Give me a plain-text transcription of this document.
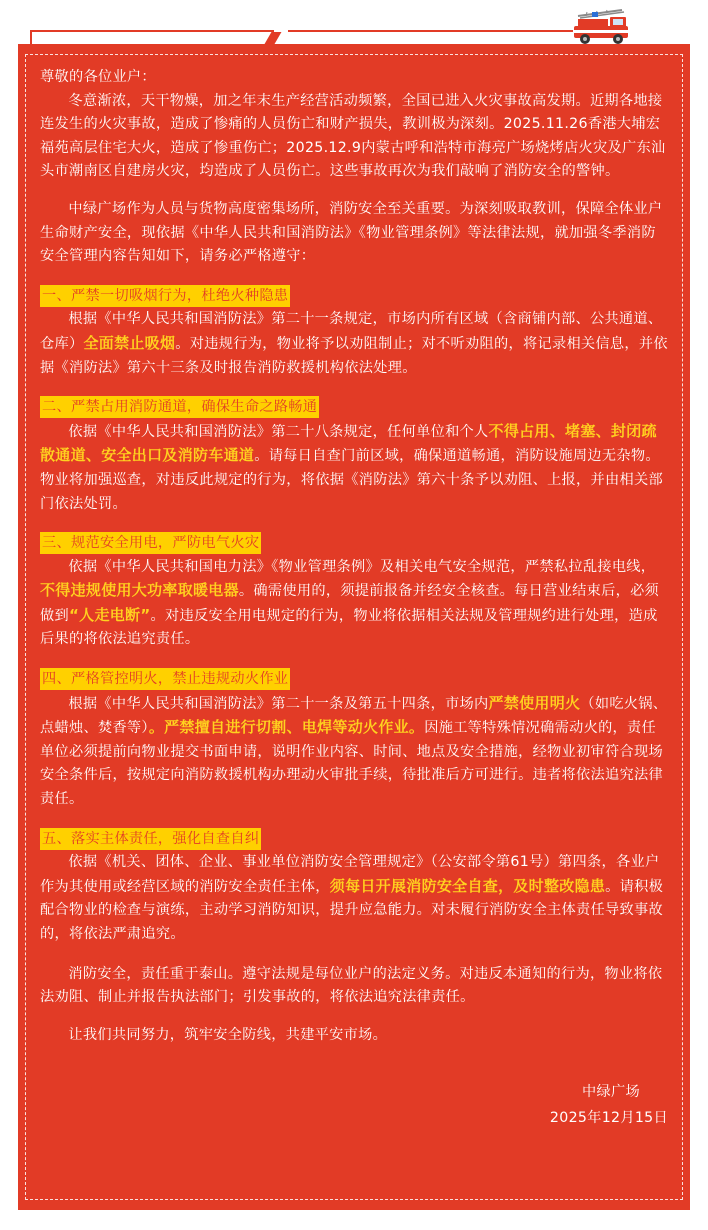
尊敬的各位业户：

冬意渐浓，天干物燥，加之年末生产经营活动频繁，全国已进入火灾事故高发期。近期各地接连发生的火灾事故，造成了惨痛的人员伤亡和财产损失，教训极为深刻。2025.11.26香港大埔宏福苑高层住宅大火，造成了惨重伤亡；2025.12.9内蒙古呼和浩特市海亮广场烧烤店火灾及广东汕头市潮南区自建房火灾，均造成了人员伤亡。这些事故再次为我们敲响了消防安全的警钟。

中绿广场作为人员与货物高度密集场所，消防安全至关重要。为深刻吸取教训，保障全体业户生命财产安全，现依据《中华人民共和国消防法》《物业管理条例》等法律法规，就加强冬季消防安全管理内容告知如下，请务必严格遵守：

一、严禁一切吸烟行为，杜绝火种隐患

根据《中华人民共和国消防法》第二十一条规定，市场内所有区域（含商铺内部、公共通道、仓库）全面禁止吸烟。对违规行为，物业将予以劝阻制止；对不听劝阻的，将记录相关信息，并依据《消防法》第六十三条及时报告消防救援机构依法处理。

二、严禁占用消防通道，确保生命之路畅通

依据《中华人民共和国消防法》第二十八条规定，任何单位和个人不得占用、堵塞、封闭疏散通道、安全出口及消防车通道。请每日自查门前区域，确保通道畅通，消防设施周边无杂物。物业将加强巡查，对违反此规定的行为，将依据《消防法》第六十条予以劝阻、上报，并由相关部门依法处罚。

三、规范安全用电，严防电气火灾

依据《中华人民共和国电力法》《物业管理条例》及相关电气安全规范，严禁私拉乱接电线，不得违规使用大功率取暖电器。确需使用的，须提前报备并经安全核查。每日营业结束后，必须做到“人走电断”。对违反安全用电规定的行为，物业将依据相关法规及管理规约进行处理，造成后果的将依法追究责任。

四、严格管控明火，禁止违规动火作业

根据《中华人民共和国消防法》第二十一条及第五十四条，市场内严禁使用明火（如吃火锅、点蜡烛、焚香等）。严禁擅自进行切割、电焊等动火作业。因施工等特殊情况确需动火的，责任单位必须提前向物业提交书面申请，说明作业内容、时间、地点及安全措施，经物业初审符合现场安全条件后，按规定向消防救援机构办理动火审批手续，待批准后方可进行。违者将依法追究法律责任。

五、落实主体责任，强化自查自纠

依据《机关、团体、企业、事业单位消防安全管理规定》（公安部令第61号）第四条，各业户作为其使用或经营区域的消防安全责任主体，须每日开展消防安全自查，及时整改隐患。请积极配合物业的检查与演练，主动学习消防知识，提升应急能力。对未履行消防安全主体责任导致事故的，将依法严肃追究。

消防安全，责任重于泰山。遵守法规是每位业户的法定义务。对违反本通知的行为，物业将依法劝阻、制止并报告执法部门；引发事故的，将依法追究法律责任。

让我们共同努力，筑牢安全防线，共建平安市场。

中绿广场

2025年12月15日
